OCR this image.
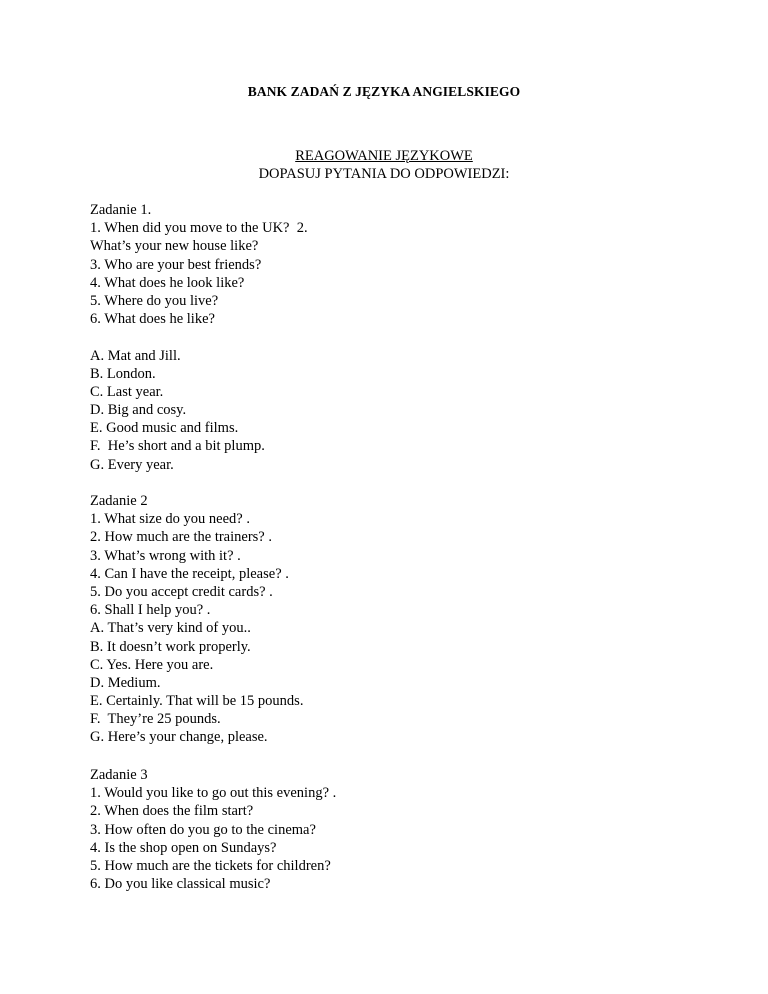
BANK ZADAŃ Z JĘZYKA ANGIELSKIEGO
REAGOWANIE JĘZYKOWE
DOPASUJ PYTANIA DO ODPOWIEDZI:
Zadanie 1.
1. When did you move to the UK?  2.
What’s your new house like?
3. Who are your best friends?
4. What does he look like?
5. Where do you live?
6. What does he like?
A. Mat and Jill.
B. London.
C. Last year.
D. Big and cosy.
E. Good music and films.
F.  He’s short and a bit plump.
G. Every year.
Zadanie 2
1. What size do you need? .
2. How much are the trainers? .
3. What’s wrong with it? .
4. Can I have the receipt, please? .
5. Do you accept credit cards? .
6. Shall I help you? .
A. That’s very kind of you..
B. It doesn’t work properly.
C. Yes. Here you are.
D. Medium.
E. Certainly. That will be 15 pounds.
F.  They’re 25 pounds.
G. Here’s your change, please.
Zadanie 3
1. Would you like to go out this evening? .
2. When does the film start?
3. How often do you go to the cinema?
4. Is the shop open on Sundays?
5. How much are the tickets for children?
6. Do you like classical music?
